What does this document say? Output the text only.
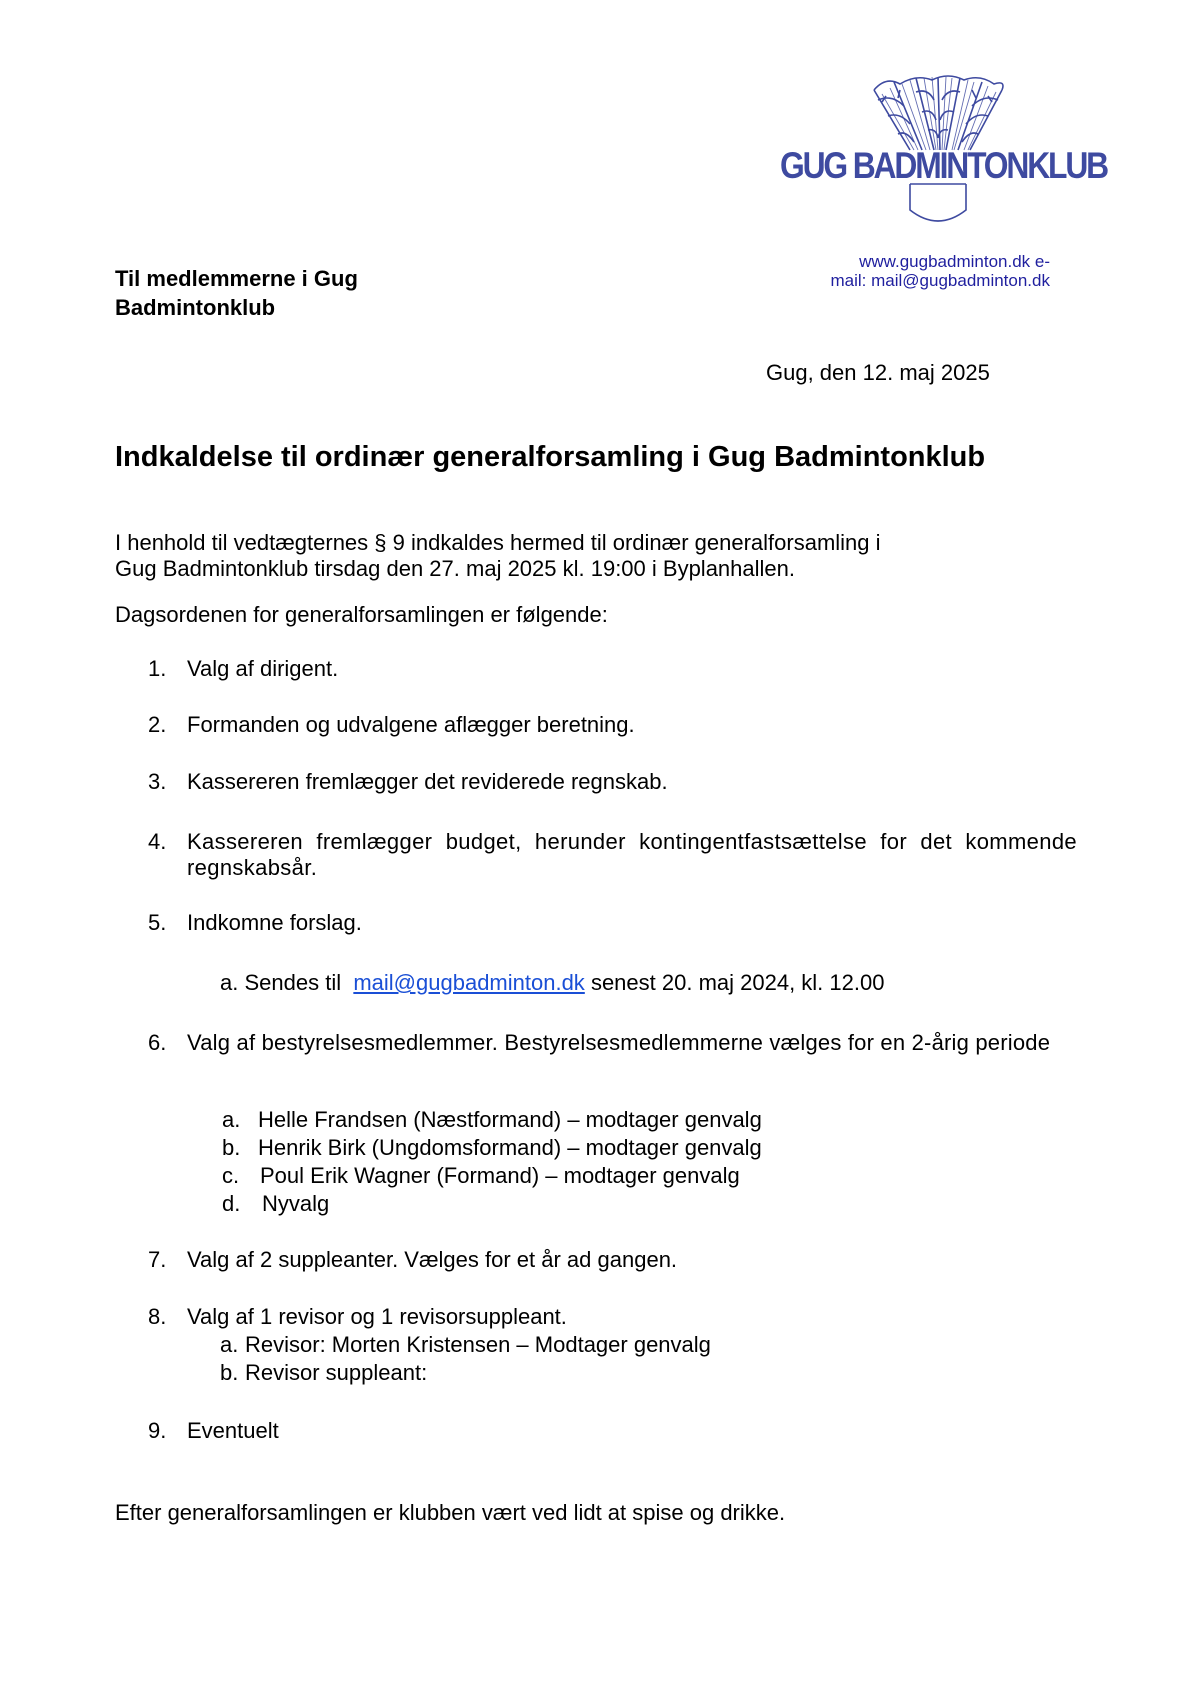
GUG BADMINTONKLUB
www.gugbadminton.dk e-
mail: mail@gugbadminton.dk
Til medlemmerne i Gug
Badmintonklub
Gug, den 12. maj 2025
Indkaldelse til ordinær generalforsamling i Gug Badmintonklub
I henhold til vedtægternes § 9 indkaldes hermed til ordinær generalforsamling i
Gug Badmintonklub tirsdag den 27. maj 2025 kl. 19:00 i Byplanhallen.
Dagsordenen for generalforsamlingen er følgende:
1. Valg af dirigent.
2. Formanden og udvalgene aflægger beretning.
3. Kassereren fremlægger det reviderede regnskab.
4. Kassereren fremlægger budget, herunder kontingentfastsættelse for det kommende regnskabsår.
5. Indkomne forslag.
a. Sendes til mail@gugbadminton.dk senest 20. maj 2024, kl. 12.00
6. Valg af bestyrelsesmedlemmer. Bestyrelsesmedlemmerne vælges for en 2-årig periode
a. Helle Frandsen (Næstformand) – modtager genvalg
b. Henrik Birk (Ungdomsformand) – modtager genvalg
c. Poul Erik Wagner (Formand) – modtager genvalg
d. Nyvalg
7. Valg af 2 suppleanter. Vælges for et år ad gangen.
8. Valg af 1 revisor og 1 revisorsuppleant.
a. Revisor: Morten Kristensen – Modtager genvalg
b. Revisor suppleant:
9. Eventuelt
Efter generalforsamlingen er klubben vært ved lidt at spise og drikke.
